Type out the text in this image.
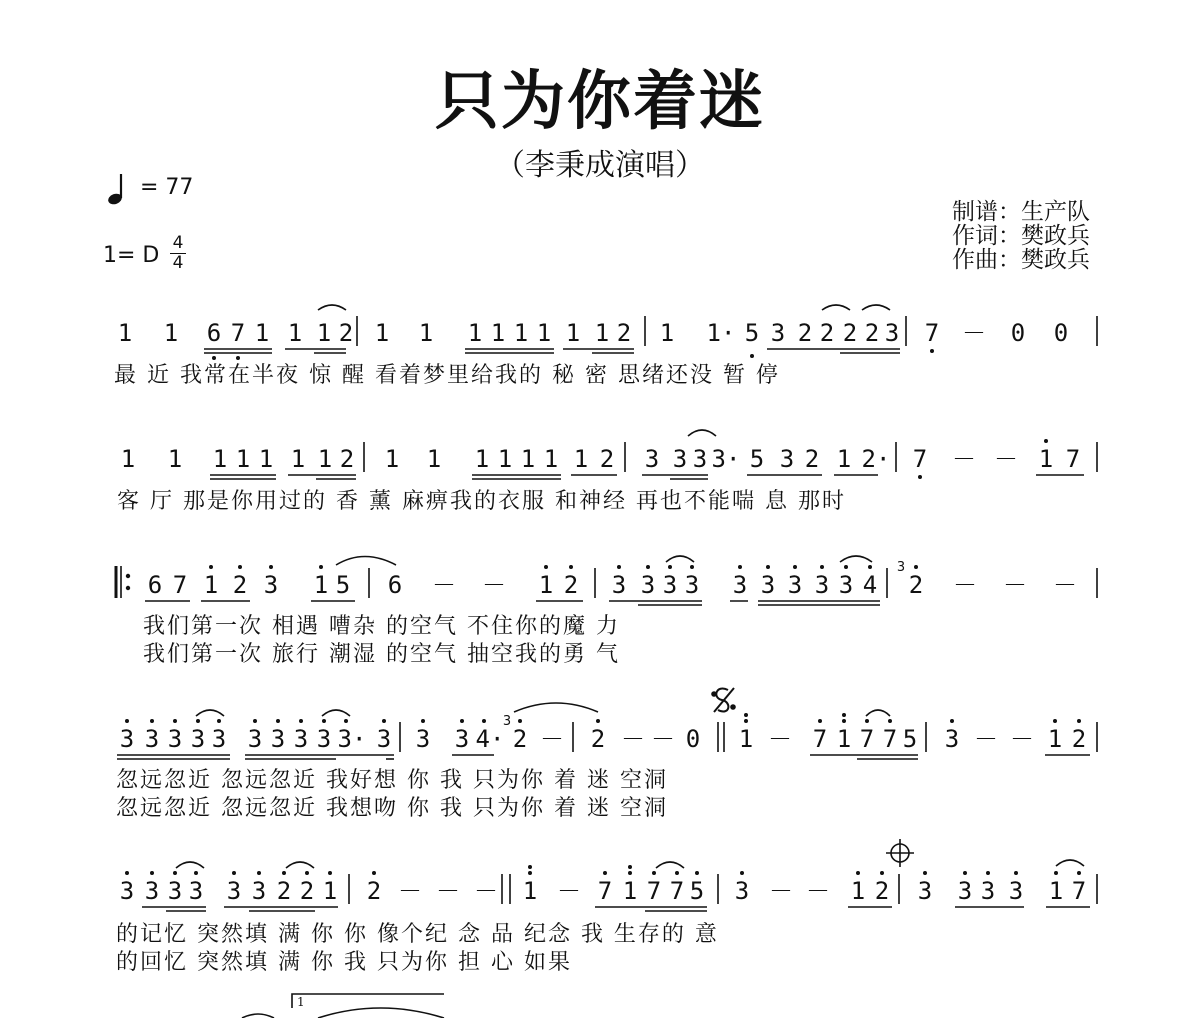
只为你着迷
（李秉成演唱）
= 77
1= D 4
4
制谱：生产队
作词：樊政兵
作曲：樊政兵
1 1 6 7 1 1 1 2 1 1 1 1 1 1 1 1 2 1 1· 5 3 2 2 2 2 3 7 － 0 0
最 近 我常在半夜 惊 醒 看着梦里给我的 秘 密 思绪还没 暂 停
1 1 1 1 1 1 1 2 1 1 1 1 1 1 1 2 3 3 3 3· 5 3 2 1 2· 7 － － 1 7
客 厅 那是你用过的 香 薰 麻痹我的衣服 和神经 再也不能喘 息 那时
6 7 1 2 3 1 5 6 － － 1 2 3 3 3 3 3 3 3 3 3 4 2 － － －
3
我们第一次 相遇 嘈杂 的空气 不住你的魔 力
我们第一次 旅行 潮湿 的空气 抽空我的勇 气
3 3 3 3 3 3 3 3 3 3· 3 3 3 4· 2 － 2 － － 0 1 － 7 1 7 7 5 3 － － 1 2
3
忽远忽近 忽远忽近 我好想 你 我 只为你 着 迷 空洞
忽远忽近 忽远忽近 我想吻 你 我 只为你 着 迷 空洞
3 3 3 3 3 3 2 2 1 2 － － － 1 － 7 1 7 7 5 3 － － 1 2 3 3 3 3 1 7
的记忆 突然填 满 你 你 像个纪 念 品 纪念 我 生存的 意
的回忆 突然填 满 你 我 只为你 担 心 如果
1
